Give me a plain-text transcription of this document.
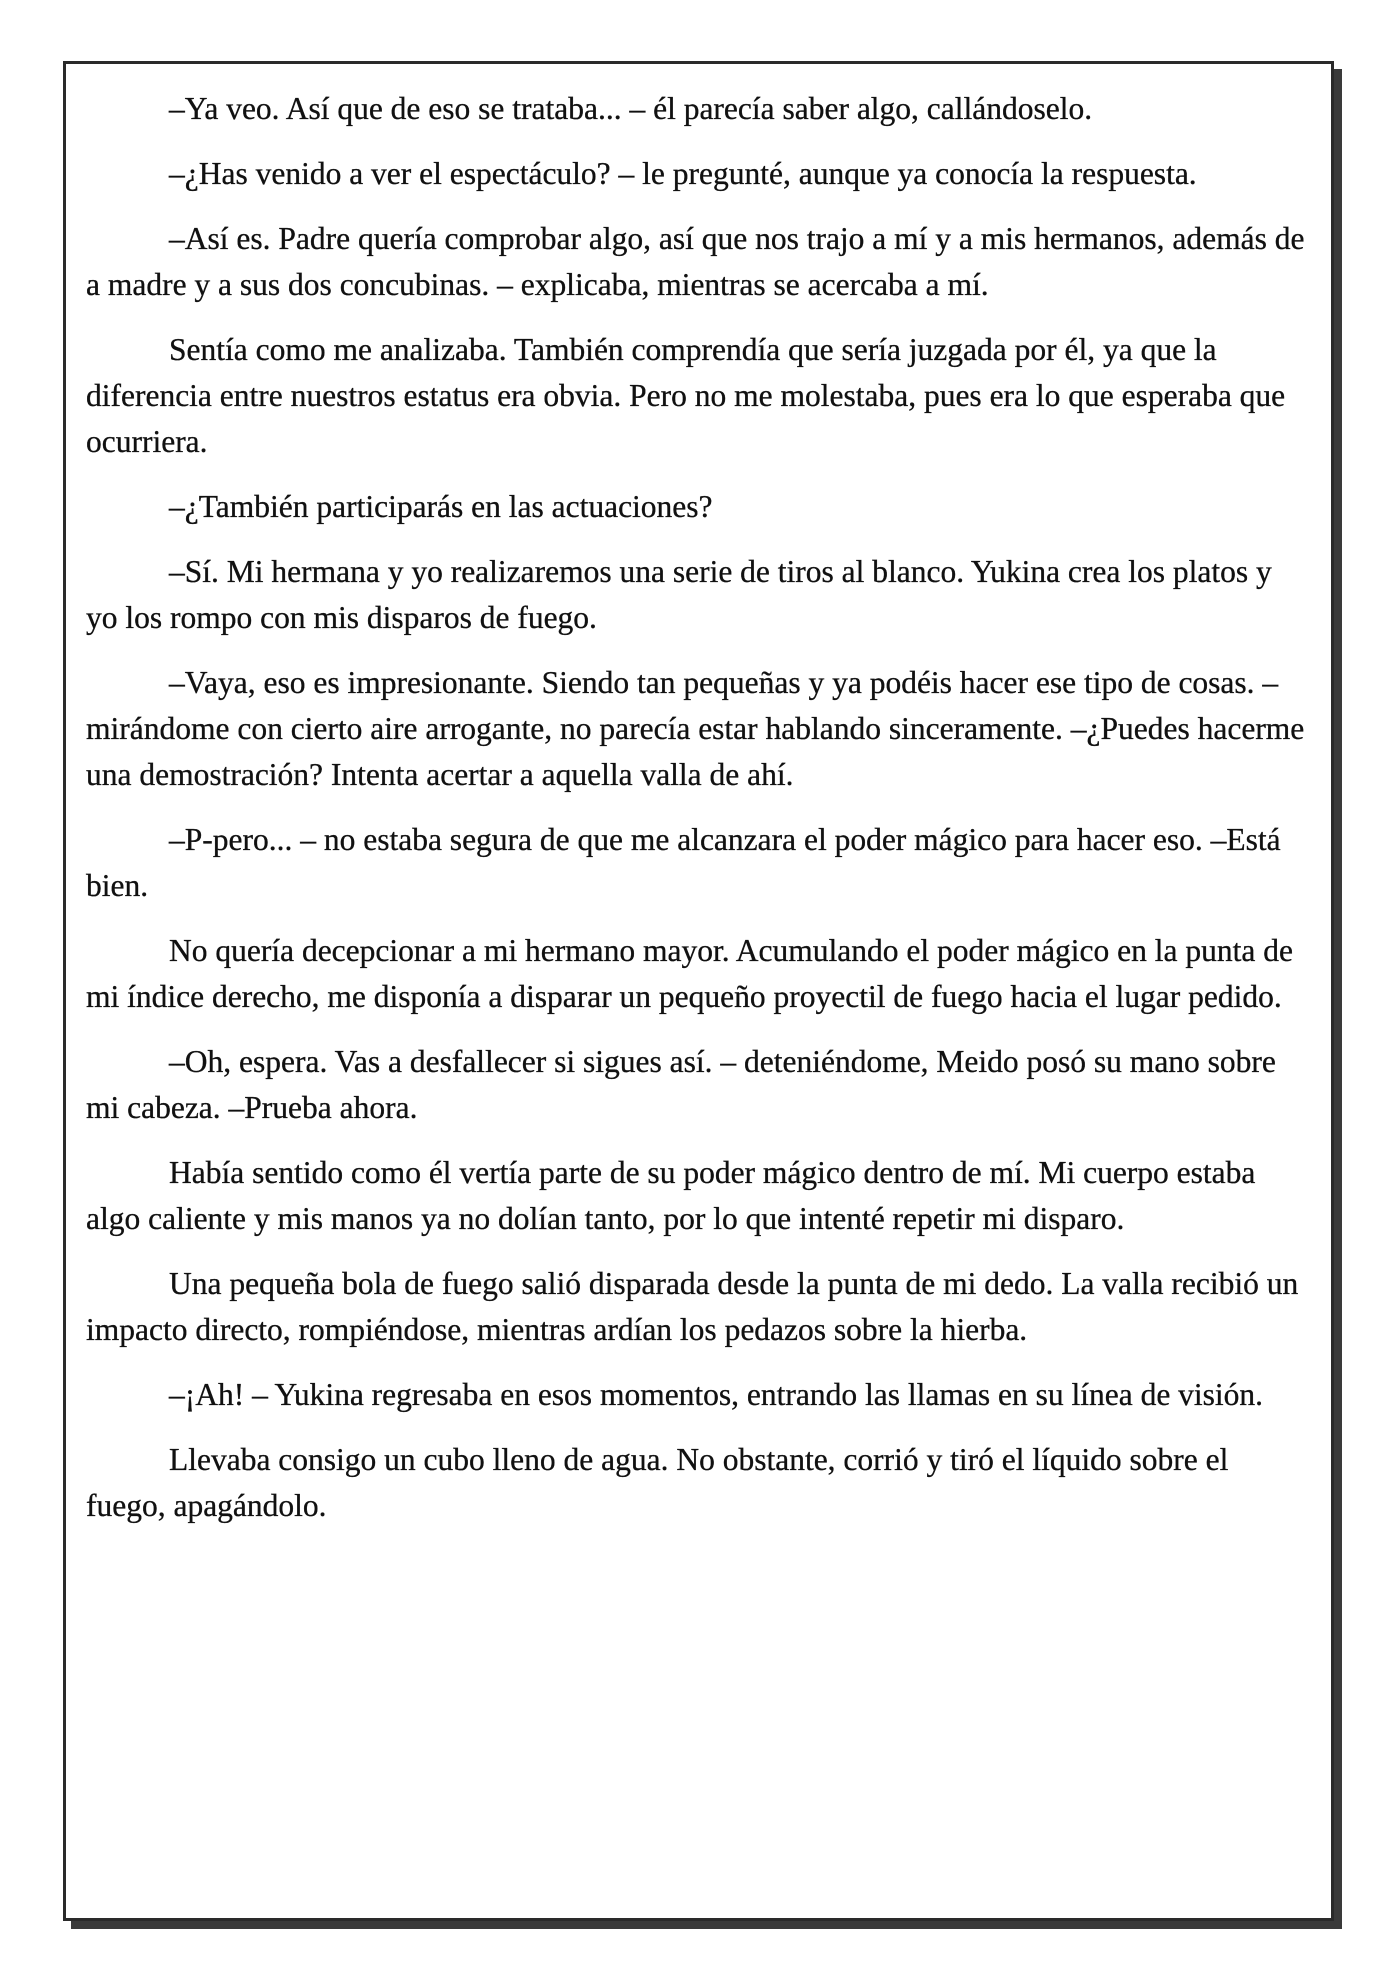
–Ya veo. Así que de eso se trataba... – él parecía saber algo, callándoselo.

–¿Has venido a ver el espectáculo? – le pregunté, aunque ya conocía la respuesta.

–Así es. Padre quería comprobar algo, así que nos trajo a mí y a mis hermanos, además de a madre y a sus dos concubinas. – explicaba, mientras se acercaba a mí.

Sentía como me analizaba. También comprendía que sería juzgada por él, ya que la diferencia entre nuestros estatus era obvia. Pero no me molestaba, pues era lo que esperaba que ocurriera.

–¿También participarás en las actuaciones?

–Sí. Mi hermana y yo realizaremos una serie de tiros al blanco. Yukina crea los platos y yo los rompo con mis disparos de fuego.

–Vaya, eso es impresionante. Siendo tan pequeñas y ya podéis hacer ese tipo de cosas. – mirándome con cierto aire arrogante, no parecía estar hablando sinceramente. –¿Puedes hacerme una demostración? Intenta acertar a aquella valla de ahí.

–P-pero... – no estaba segura de que me alcanzara el poder mágico para hacer eso. –Está bien.

No quería decepcionar a mi hermano mayor. Acumulando el poder mágico en la punta de mi índice derecho, me disponía a disparar un pequeño proyectil de fuego hacia el lugar pedido.

–Oh, espera. Vas a desfallecer si sigues así. – deteniéndome, Meido posó su mano sobre mi cabeza. –Prueba ahora.

Había sentido como él vertía parte de su poder mágico dentro de mí. Mi cuerpo estaba algo caliente y mis manos ya no dolían tanto, por lo que intenté repetir mi disparo.

Una pequeña bola de fuego salió disparada desde la punta de mi dedo. La valla recibió un impacto directo, rompiéndose, mientras ardían los pedazos sobre la hierba.

–¡Ah! – Yukina regresaba en esos momentos, entrando las llamas en su línea de visión.

Llevaba consigo un cubo lleno de agua. No obstante, corrió y tiró el líquido sobre el fuego, apagándolo.
